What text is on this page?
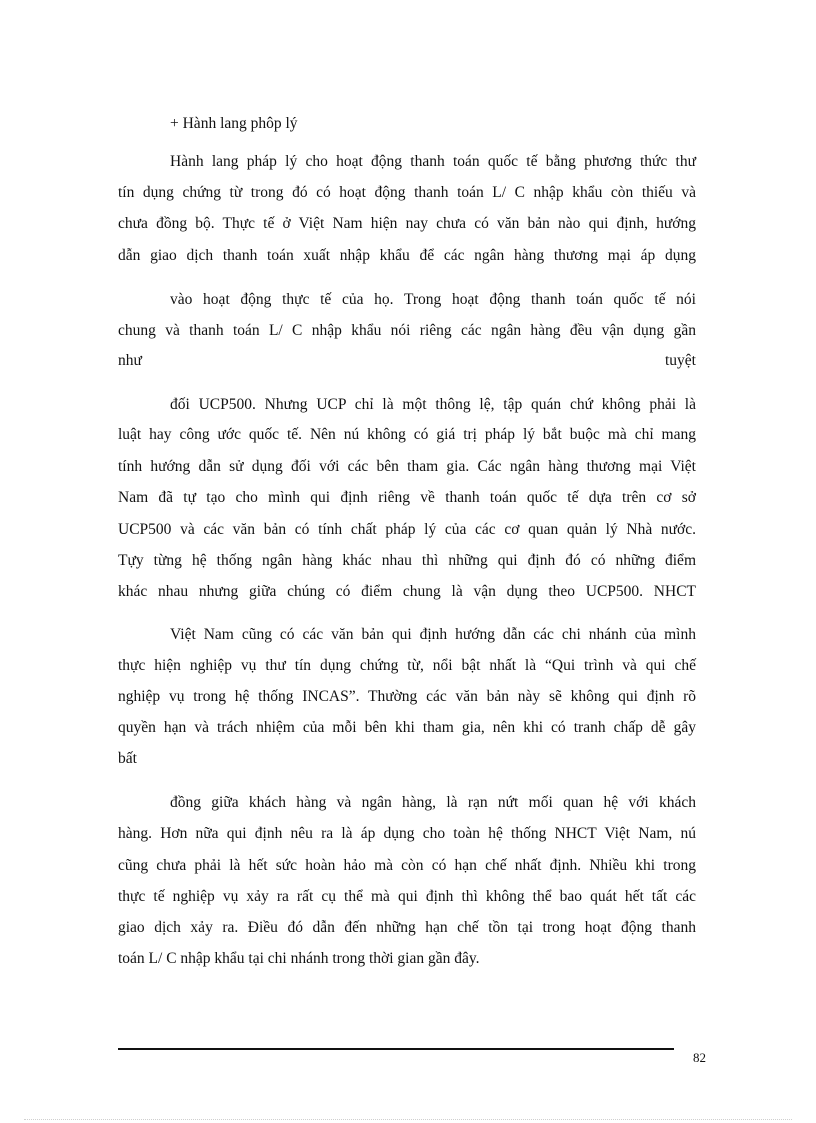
+ Hành lang phôp lý
Hành lang pháp lý cho hoạt động thanh toán quốc tế bằng phương thức thư
tín dụng chứng từ trong đó có hoạt động thanh toán L/ C nhập khẩu còn thiếu và
chưa đồng bộ. Thực tế ở Việt Nam hiện nay chưa có văn bản nào qui định, hướng
dẫn giao dịch thanh toán xuất nhập khẩu để các ngân hàng thương mại áp dụng
vào hoạt động thực tế của họ. Trong hoạt động thanh toán quốc tế nói
chung và thanh toán L/ C nhập khẩu nói riêng các ngân hàng đều vận dụng gần
như tuyệt
đối UCP500. Nhưng UCP chỉ là một thông lệ, tập quán chứ không phải là
luật hay công ước quốc tế. Nên nú không có giá trị pháp lý bắt buộc mà chỉ mang
tính hướng dẫn sử dụng đối với các bên tham gia. Các ngân hàng thương mại Việt
Nam đã tự tạo cho mình qui định riêng về thanh toán quốc tế dựa trên cơ sở
UCP500 và các văn bản có tính chất pháp lý của các cơ quan quản lý Nhà nước.
Tựy từng hệ thống ngân hàng khác nhau thì những qui định đó có những điểm
khác nhau nhưng giữa chúng có điểm chung là vận dụng theo UCP500. NHCT
Việt Nam cũng có các văn bản qui định hướng dẫn các chi nhánh của mình
thực hiện nghiệp vụ thư tín dụng chứng từ, nổi bật nhất là “Qui trình và qui chế
nghiệp vụ trong hệ thống INCAS”. Thường các văn bản này sẽ không qui định rõ
quyền hạn và trách nhiệm của mỗi bên khi tham gia, nên khi có tranh chấp dễ gây
bất
đồng giữa khách hàng và ngân hàng, là rạn nứt mối quan hệ với khách
hàng. Hơn nữa qui định nêu ra là áp dụng cho toàn hệ thống NHCT Việt Nam, nú
cũng chưa phải là hết sức hoàn hảo mà còn có hạn chế nhất định. Nhiều khi trong
thực tế nghiệp vụ xảy ra rất cụ thể mà qui định thì không thể bao quát hết tất các
giao dịch xảy ra. Điều đó dẫn đến những hạn chế tồn tại trong hoạt động thanh
toán L/ C nhập khẩu tại chi nhánh trong thời gian gần đây.
82
